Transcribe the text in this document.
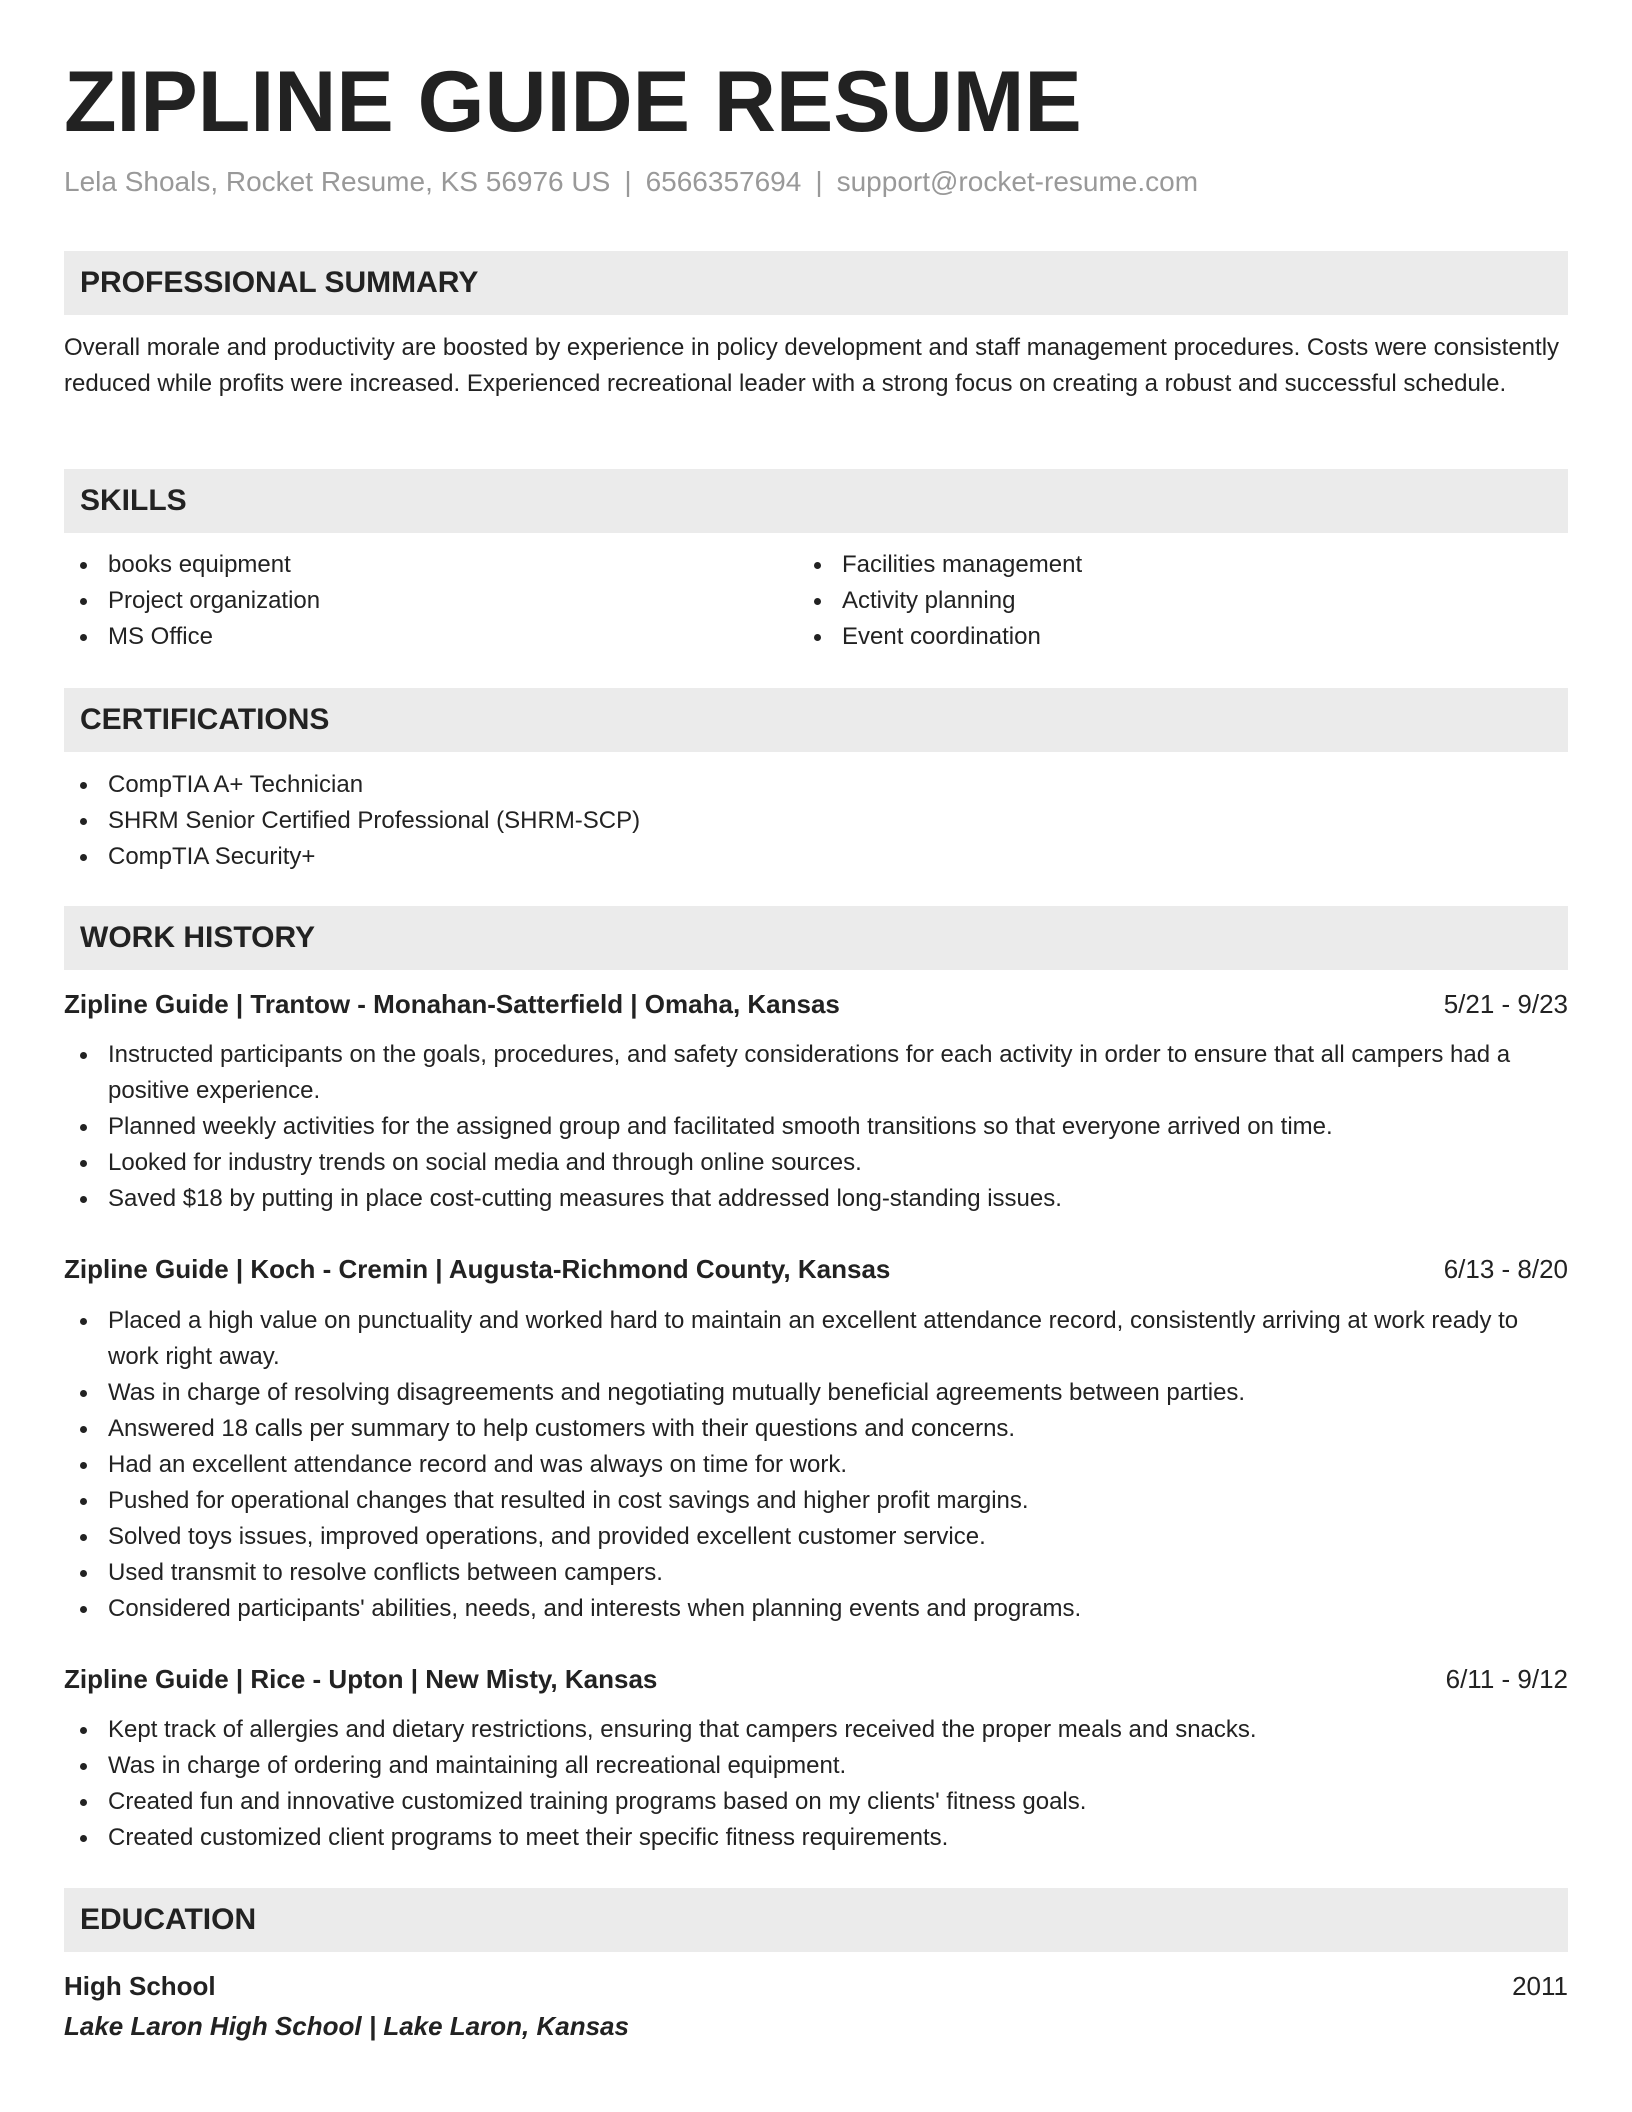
ZIPLINE GUIDE RESUME
Lela Shoals, Rocket Resume, KS 56976 US | 6566357694 | support@rocket-resume.com
PROFESSIONAL SUMMARY

Overall morale and productivity are boosted by experience in policy development and staff management procedures. Costs were consistently reduced while profits were increased. Experienced recreational leader with a strong focus on creating a robust and successful schedule.

SKILLS
books equipment
Project organization
MS Office
Facilities management
Activity planning
Event coordination
CERTIFICATIONS
CompTIA A+ Technician
SHRM Senior Certified Professional (SHRM-SCP)
CompTIA Security+
WORK HISTORY
Zipline Guide | Trantow - Monahan-Satterfield | Omaha, Kansas	5/21 - 9/23
Instructed participants on the goals, procedures, and safety considerations for each activity in order to ensure that all campers had a positive experience.
Planned weekly activities for the assigned group and facilitated smooth transitions so that everyone arrived on time.
Looked for industry trends on social media and through online sources.
Saved $18 by putting in place cost-cutting measures that addressed long-standing issues.
Zipline Guide | Koch - Cremin | Augusta-Richmond County, Kansas	6/13 - 8/20
Placed a high value on punctuality and worked hard to maintain an excellent attendance record, consistently arriving at work ready to work right away.
Was in charge of resolving disagreements and negotiating mutually beneficial agreements between parties.
Answered 18 calls per summary to help customers with their questions and concerns.
Had an excellent attendance record and was always on time for work.
Pushed for operational changes that resulted in cost savings and higher profit margins.
Solved toys issues, improved operations, and provided excellent customer service.
Used transmit to resolve conflicts between campers.
Considered participants' abilities, needs, and interests when planning events and programs.
Zipline Guide | Rice - Upton | New Misty, Kansas	6/11 - 9/12
Kept track of allergies and dietary restrictions, ensuring that campers received the proper meals and snacks.
Was in charge of ordering and maintaining all recreational equipment.
Created fun and innovative customized training programs based on my clients' fitness goals.
Created customized client programs to meet their specific fitness requirements.
EDUCATION
High School	2011
Lake Laron High School | Lake Laron, Kansas
